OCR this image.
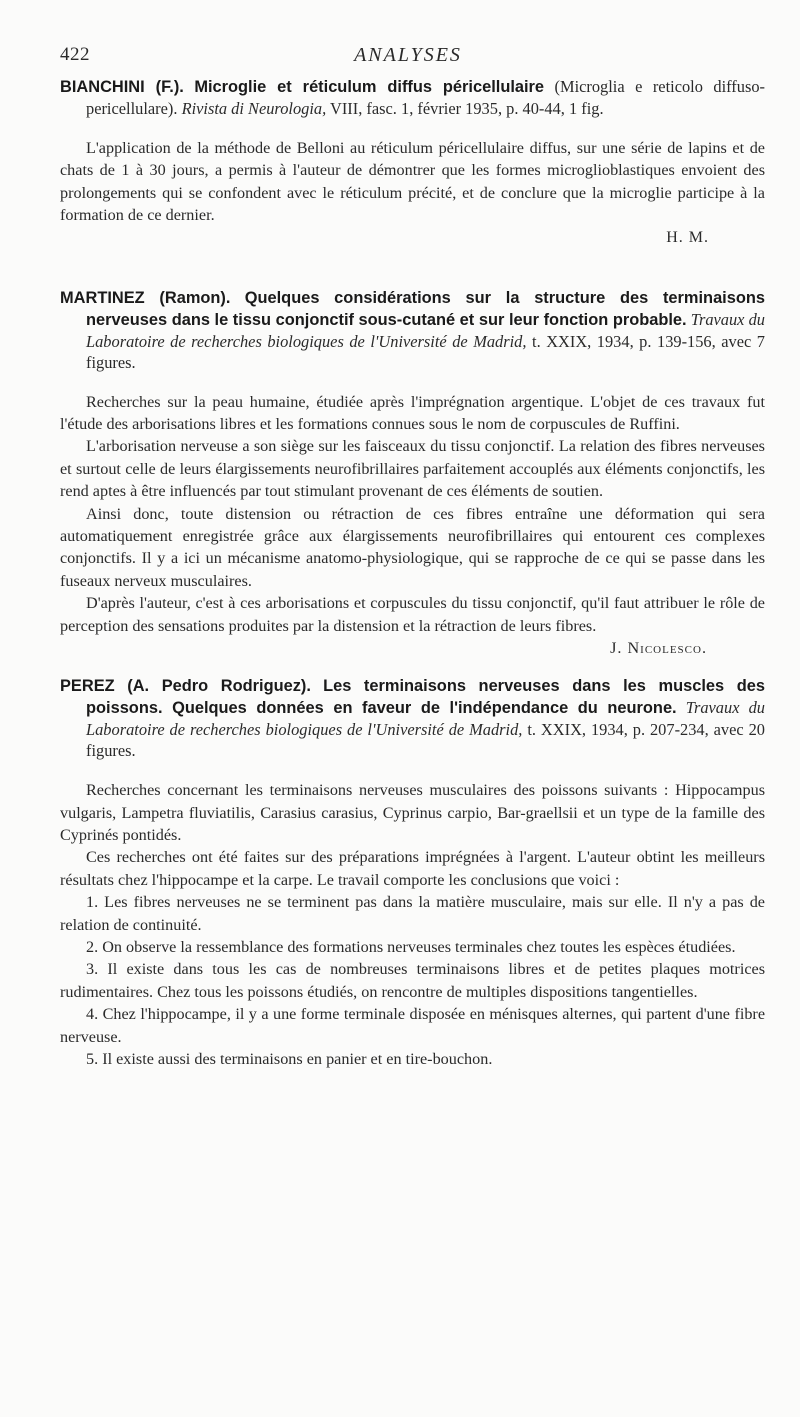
422	ANALYSES

BIANCHINI (F.). Microglie et réticulum diffus péricellulaire (Microglia e reticolo diffuso-pericellulare). Rivista di Neurologia, VIII, fasc. 1, février 1935, p. 40-44, 1 fig.

L'application de la méthode de Belloni au réticulum péricellulaire diffus, sur une série de lapins et de chats de 1 à 30 jours, a permis à l'auteur de démontrer que les formes microglioblastiques envoient des prolongements qui se confondent avec le réticulum précité, et de conclure que la microglie participe à la formation de ce dernier.

H. M.

MARTINEZ (Ramon). Quelques considérations sur la structure des terminaisons nerveuses dans le tissu conjonctif sous-cutané et sur leur fonction probable. Travaux du Laboratoire de recherches biologiques de l'Université de Madrid, t. XXIX, 1934, p. 139-156, avec 7 figures.

Recherches sur la peau humaine, étudiée après l'imprégnation argentique. L'objet de ces travaux fut l'étude des arborisations libres et les formations connues sous le nom de corpuscules de Ruffini.

L'arborisation nerveuse a son siège sur les faisceaux du tissu conjonctif. La relation des fibres nerveuses et surtout celle de leurs élargissements neurofibrillaires parfaitement accouplés aux éléments conjonctifs, les rend aptes à être influencés par tout stimulant provenant de ces éléments de soutien.

Ainsi donc, toute distension ou rétraction de ces fibres entraîne une déformation qui sera automatiquement enregistrée grâce aux élargissements neurofibrillaires qui entourent ces complexes conjonctifs. Il y a ici un mécanisme anatomo-physiologique, qui se rapproche de ce qui se passe dans les fuseaux nerveux musculaires.

D'après l'auteur, c'est à ces arborisations et corpuscules du tissu conjonctif, qu'il faut attribuer le rôle de perception des sensations produites par la distension et la rétraction de leurs fibres.
J. Nicolesco.

PEREZ (A. Pedro Rodriguez). Les terminaisons nerveuses dans les muscles des poissons. Quelques données en faveur de l'indépendance du neurone. Travaux du Laboratoire de recherches biologiques de l'Université de Madrid, t. XXIX, 1934, p. 207-234, avec 20 figures.

Recherches concernant les terminaisons nerveuses musculaires des poissons suivants : Hippocampus vulgaris, Lampetra fluviatilis, Carasius carasius, Cyprinus carpio, Bar-graellsii et un type de la famille des Cyprinés pontidés.

Ces recherches ont été faites sur des préparations imprégnées à l'argent. L'auteur obtint les meilleurs résultats chez l'hippocampe et la carpe. Le travail comporte les conclusions que voici :

1. Les fibres nerveuses ne se terminent pas dans la matière musculaire, mais sur elle. Il n'y a pas de relation de continuité.

2. On observe la ressemblance des formations nerveuses terminales chez toutes les espèces étudiées.

3. Il existe dans tous les cas de nombreuses terminaisons libres et de petites plaques motrices rudimentaires. Chez tous les poissons étudiés, on rencontre de multiples dispositions tangentielles.

4. Chez l'hippocampe, il y a une forme terminale disposée en ménisques alternes, qui partent d'une fibre nerveuse.

5. Il existe aussi des terminaisons en panier et en tire-bouchon.
